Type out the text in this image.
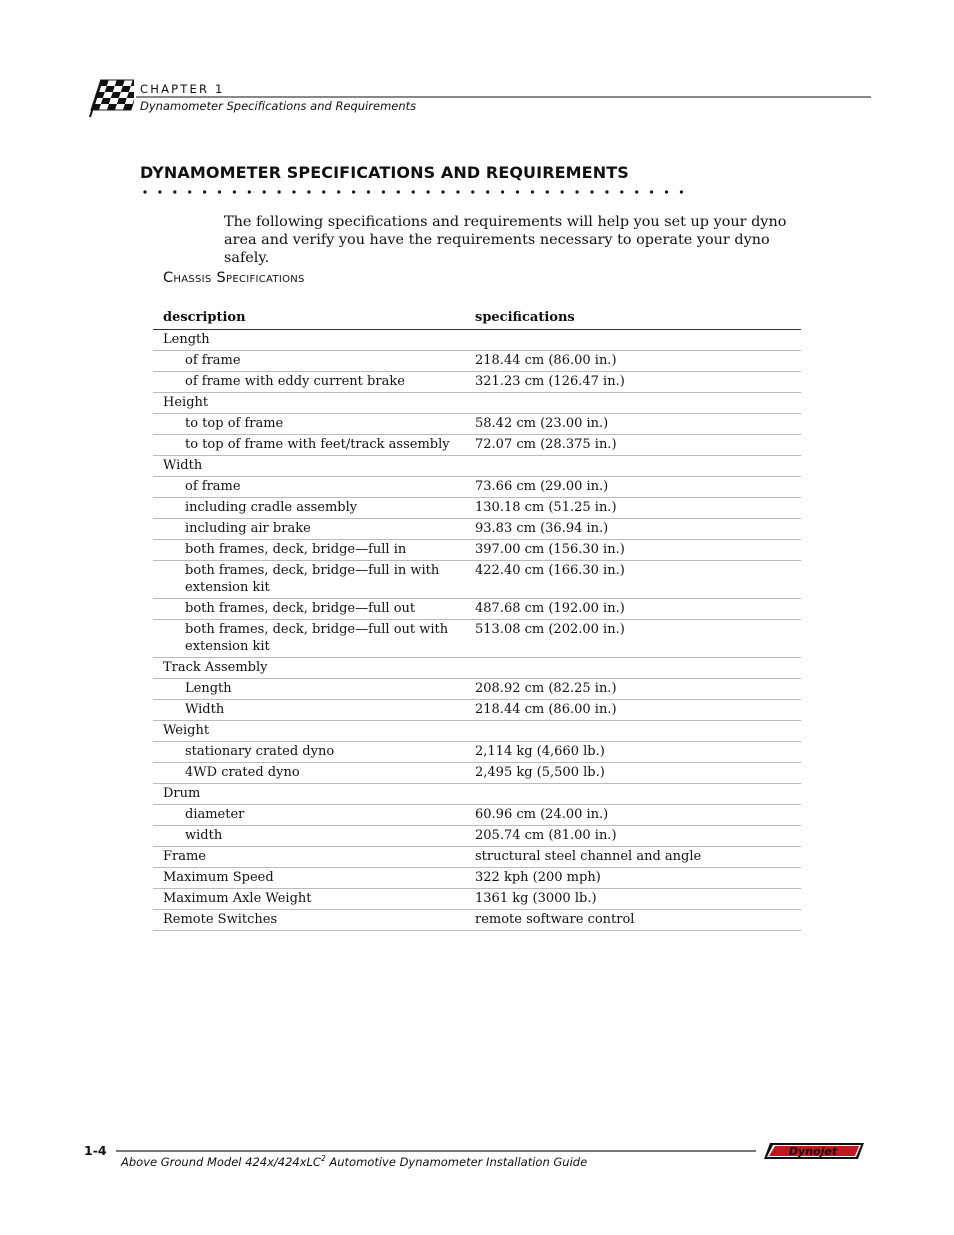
CHAPTER 1
Dynamometer Specifications and Requirements
DYNAMOMETER SPECIFICATIONS AND REQUIREMENTS

The following specifications and requirements will help you set up your dyno area and verify you have the requirements necessary to operate your dyno safely.

Chassis Specifications
description	specifications
Length	
of frame	218.44 cm (86.00 in.)
of frame with eddy current brake	321.23 cm (126.47 in.)
Height	
to top of frame	58.42 cm (23.00 in.)
to top of frame with feet/track assembly	72.07 cm (28.375 in.)
Width	
of frame	73.66 cm (29.00 in.)
including cradle assembly	130.18 cm (51.25 in.)
including air brake	93.83 cm (36.94 in.)
both frames, deck, bridge—full in	397.00 cm (156.30 in.)
both frames, deck, bridge—full in with extension kit	422.40 cm (166.30 in.)
both frames, deck, bridge—full out	487.68 cm (192.00 in.)
both frames, deck, bridge—full out with extension kit	513.08 cm (202.00 in.)
Track Assembly	
Length	208.92 cm (82.25 in.)
Width	218.44 cm (86.00 in.)
Weight	
stationary crated dyno	2,114 kg (4,660 lb.)
4WD crated dyno	2,495 kg (5,500 lb.)
Drum	
diameter	60.96 cm (24.00 in.)
width	205.74 cm (81.00 in.)
Frame	structural steel channel and angle
Maximum Speed	322 kph (200 mph)
Maximum Axle Weight	1361 kg (3000 lb.)
Remote Switches	remote software control
1-4
Above Ground Model 424x/424xLC$^2$ Automotive Dynamometer Installation Guide
Dynojet
